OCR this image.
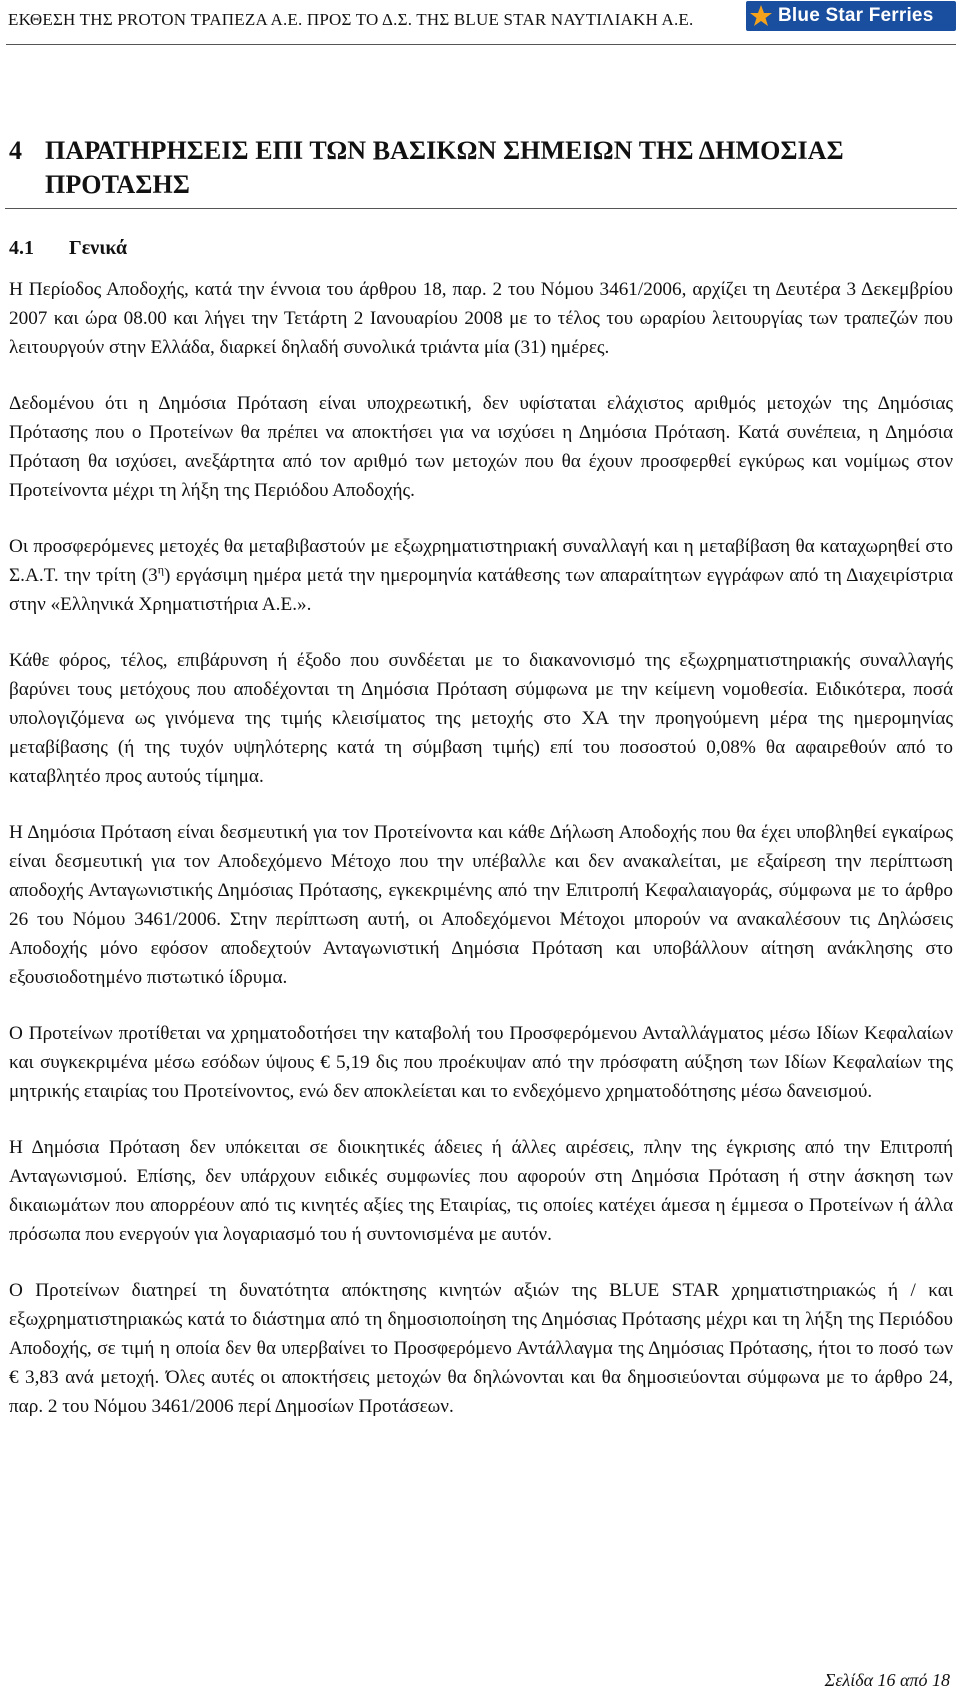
ΕΚΘΕΣΗ ΤΗΣ PROTON ΤΡΑΠΕΖΑ Α.Ε. ΠΡΟΣ ΤΟ Δ.Σ. ΤΗΣ BLUE STAR ΝΑΥΤΙΛΙΑΚΗ Α.Ε.	Blue Star Ferries
4 ΠΑΡΑΤΗΡΗΣΕΙΣ ΕΠΙ ΤΩΝ ΒΑΣΙΚΩΝ ΣΗΜΕΙΩΝ ΤΗΣ ΔΗΜΟΣΙΑΣ ΠΡΟΤΑΣΗΣ
4.1 Γενικά

Η Περίοδος Αποδοχής, κατά την έννοια του άρθρου 18, παρ. 2 του Νόμου 3461/2006, αρχίζει τη Δευτέρα 3 Δεκεμβρίου 2007 και ώρα 08.00 και λήγει την Τετάρτη 2 Ιανουαρίου 2008 με το τέλος του ωραρίου λειτουργίας των τραπεζών που λειτουργούν στην Ελλάδα, διαρκεί δηλαδή συνολικά τριάντα μία (31) ημέρες.

Δεδομένου ότι η Δημόσια Πρόταση είναι υποχρεωτική, δεν υφίσταται ελάχιστος αριθμός μετοχών της Δημόσιας Πρότασης που ο Προτείνων θα πρέπει να αποκτήσει για να ισχύσει η Δημόσια Πρόταση. Κατά συνέπεια, η Δημόσια Πρόταση θα ισχύσει, ανεξάρτητα από τον αριθμό των μετοχών που θα έχουν προσφερθεί εγκύρως και νομίμως στον Προτείνοντα μέχρι τη λήξη της Περιόδου Αποδοχής.

Οι προσφερόμενες μετοχές θα μεταβιβαστούν με εξωχρηματιστηριακή συναλλαγή και η μεταβίβαση θα καταχωρηθεί στο Σ.Α.Τ. την τρίτη $(3^\eta)$ εργάσιμη ημέρα μετά την ημερομηνία κατάθεσης των απαραίτητων εγγράφων από τη Διαχειρίστρια στην «Ελληνικά Χρηματιστήρια Α.Ε.».

Κάθε φόρος, τέλος, επιβάρυνση ή έξοδο που συνδέεται με το διακανονισμό της εξωχρηματιστηριακής συναλλαγής βαρύνει τους μετόχους που αποδέχονται τη Δημόσια Πρόταση σύμφωνα με την κείμενη νομοθεσία. Ειδικότερα, ποσά υπολογιζόμενα ως γινόμενα της τιμής κλεισίματος της μετοχής στο ΧΑ την προηγούμενη μέρα της ημερομηνίας μεταβίβασης (ή της τυχόν υψηλότερης κατά τη σύμβαση τιμής) επί του ποσοστού 0,08% θα αφαιρεθούν από το καταβλητέο προς αυτούς τίμημα.

Η Δημόσια Πρόταση είναι δεσμευτική για τον Προτείνοντα και κάθε Δήλωση Αποδοχής που θα έχει υποβληθεί εγκαίρως είναι δεσμευτική για τον Αποδεχόμενο Μέτοχο που την υπέβαλλε και δεν ανακαλείται, με εξαίρεση την περίπτωση αποδοχής Ανταγωνιστικής Δημόσιας Πρότασης, εγκεκριμένης από την Επιτροπή Κεφαλαιαγοράς, σύμφωνα με το άρθρο 26 του Νόμου 3461/2006. Στην περίπτωση αυτή, οι Αποδεχόμενοι Μέτοχοι μπορούν να ανακαλέσουν τις Δηλώσεις Αποδοχής μόνο εφόσον αποδεχτούν Ανταγωνιστική Δημόσια Πρόταση και υποβάλλουν αίτηση ανάκλησης στο εξουσιοδοτημένο πιστωτικό ίδρυμα.

Ο Προτείνων προτίθεται να χρηματοδοτήσει την καταβολή του Προσφερόμενου Ανταλλάγματος μέσω Ιδίων Κεφαλαίων και συγκεκριμένα μέσω εσόδων ύψους € 5,19 δις που προέκυψαν από την πρόσφατη αύξηση των Ιδίων Κεφαλαίων της μητρικής εταιρίας του Προτείνοντος, ενώ δεν αποκλείεται και το ενδεχόμενο χρηματοδότησης μέσω δανεισμού.

Η Δημόσια Πρόταση δεν υπόκειται σε διοικητικές άδειες ή άλλες αιρέσεις, πλην της έγκρισης από την Επιτροπή Ανταγωνισμού. Επίσης, δεν υπάρχουν ειδικές συμφωνίες που αφορούν στη Δημόσια Πρόταση ή στην άσκηση των δικαιωμάτων που απορρέουν από τις κινητές αξίες της Εταιρίας, τις οποίες κατέχει άμεσα η έμμεσα ο Προτείνων ή άλλα πρόσωπα που ενεργούν για λογαριασμό του ή συντονισμένα με αυτόν.

Ο Προτείνων διατηρεί τη δυνατότητα απόκτησης κινητών αξιών της BLUE STAR χρηματιστηριακώς ή / και εξωχρηματιστηριακώς κατά το διάστημα από τη δημοσιοποίηση της Δημόσιας Πρότασης μέχρι και τη λήξη της Περιόδου Αποδοχής, σε τιμή η οποία δεν θα υπερβαίνει το Προσφερόμενο Αντάλλαγμα της Δημόσιας Πρότασης, ήτοι το ποσό των € 3,83 ανά μετοχή. Όλες αυτές οι αποκτήσεις μετοχών θα δηλώνονται και θα δημοσιεύονται σύμφωνα με το άρθρο 24, παρ. 2 του Νόμου 3461/2006 περί Δημοσίων Προτάσεων.

Σελίδα 16 από 18
